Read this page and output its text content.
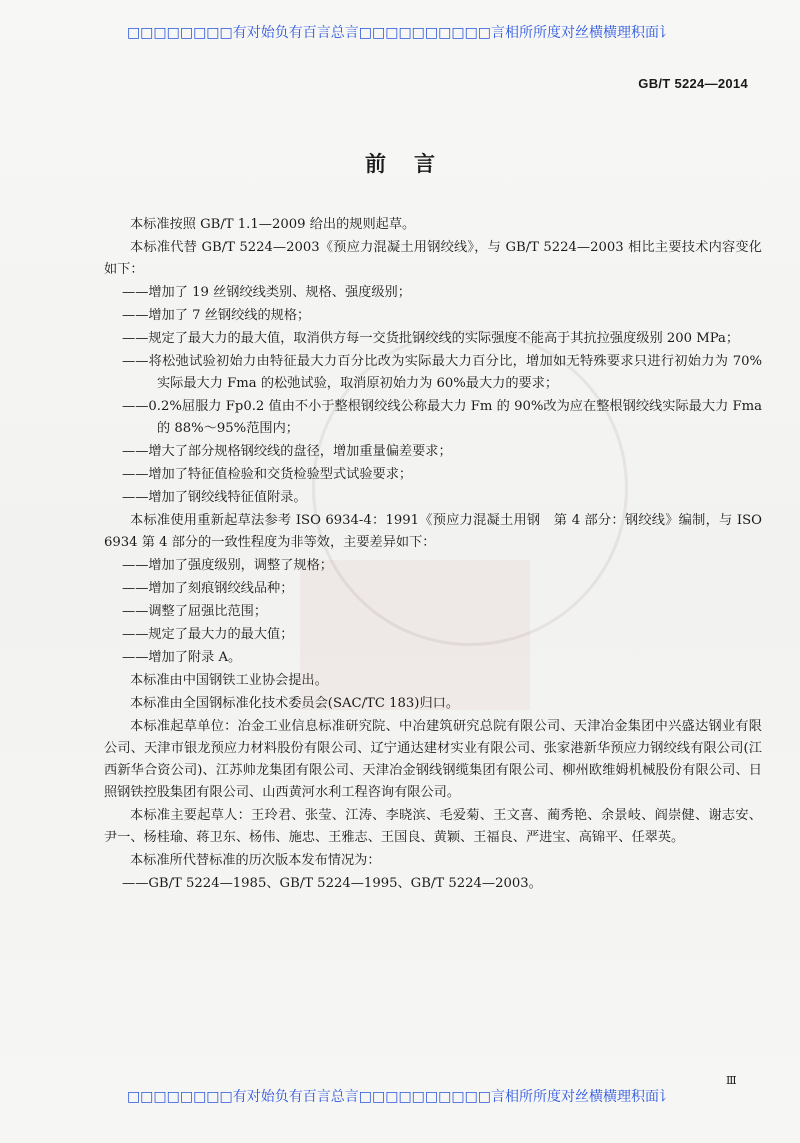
□□□□□□□□有对始负有百言总言□□□□□□□□□□言相所所度对丝横横理积面讠
GB/T 5224—2014
前言

本标准按照 GB/T 1.1—2009 给出的规则起草。

本标准代替 GB/T 5224—2003《预应力混凝土用钢绞线》，与 GB/T 5224—2003 相比主要技术内容变化如下：

——增加了 19 丝钢绞线类别、规格、强度级别；

——增加了 7 丝钢绞线的规格；

——规定了最大力的最大值，取消供方每一交货批钢绞线的实际强度不能高于其抗拉强度级别 200 MPa；

——将松弛试验初始力由特征最大力百分比改为实际最大力百分比，增加如无特殊要求只进行初始力为 70%实际最大力 Fma 的松弛试验，取消原初始力为 60%最大力的要求；

——0.2%屈服力 Fp0.2 值由不小于整根钢绞线公称最大力 Fm 的 90%改为应在整根钢绞线实际最大力 Fma 的 88%～95%范围内；

——增大了部分规格钢绞线的盘径，增加重量偏差要求；

——增加了特征值检验和交货检验型式试验要求；

——增加了钢绞线特征值附录。

本标准使用重新起草法参考 ISO 6934-4：1991《预应力混凝土用钢　第 4 部分：钢绞线》编制，与 ISO 6934 第 4 部分的一致性程度为非等效，主要差异如下：

——增加了强度级别，调整了规格；

——增加了刻痕钢绞线品种；

——调整了屈强比范围；

——规定了最大力的最大值；

——增加了附录 A。

本标准由中国钢铁工业协会提出。

本标准由全国钢标准化技术委员会(SAC/TC 183)归口。

本标准起草单位：冶金工业信息标准研究院、中冶建筑研究总院有限公司、天津冶金集团中兴盛达钢业有限公司、天津市银龙预应力材料股份有限公司、辽宁通达建材实业有限公司、张家港新华预应力钢绞线有限公司(江西新华合资公司)、江苏帅龙集团有限公司、天津冶金钢线钢缆集团有限公司、柳州欧维姆机械股份有限公司、日照钢铁控股集团有限公司、山西黄河水利工程咨询有限公司。

本标准主要起草人：王玲君、张莹、江涛、李晓滨、毛爱菊、王文喜、蔺秀艳、余景岐、阎崇健、谢志安、尹一、杨桂瑜、蒋卫东、杨伟、施忠、王雅志、王国良、黄颖、王福良、严进宝、高锦平、任翠英。

本标准所代替标准的历次版本发布情况为：

——GB/T 5224—1985、GB/T 5224—1995、GB/T 5224—2003。

Ⅲ
□□□□□□□□有对始负有百言总言□□□□□□□□□□言相所所度对丝横横理积面讠
